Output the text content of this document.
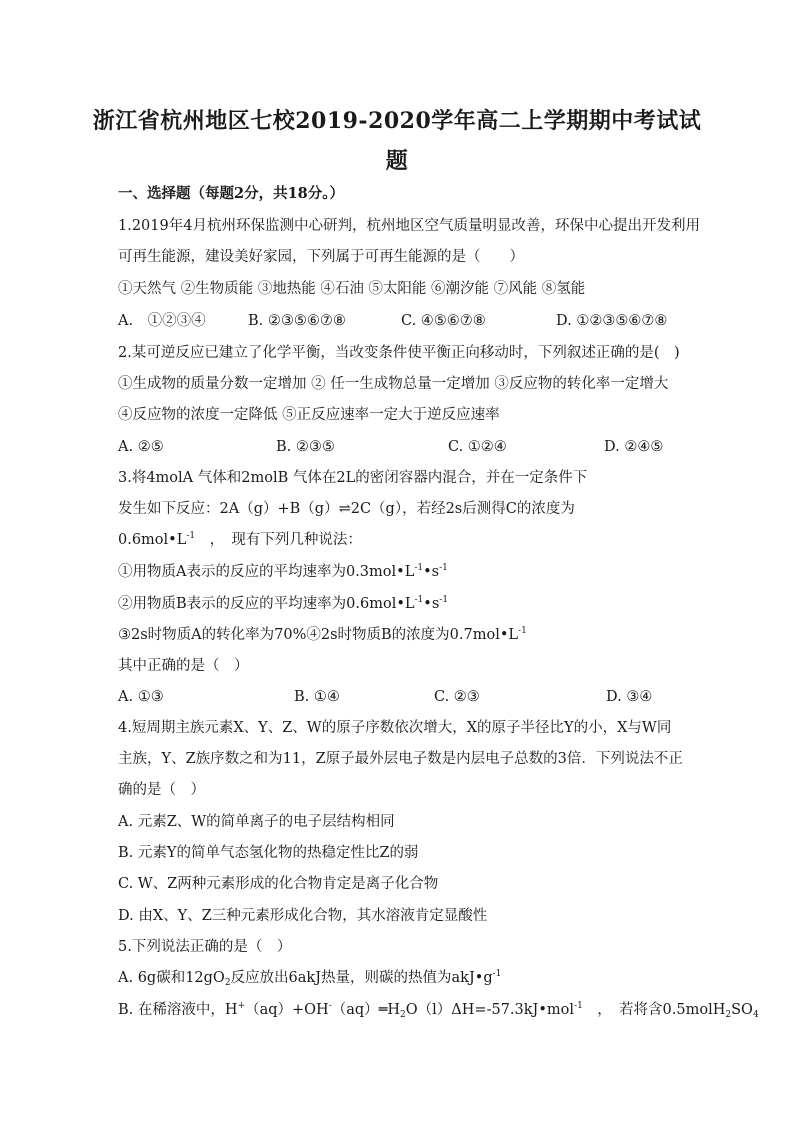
浙江省杭州地区七校2019-2020学年高二上学期期中考试试
题
一、选择题（每题2分，共18分。）
1.2019年4月杭州环保监测中心研判，杭州地区空气质量明显改善，环保中心提出开发利用
可再生能源，建设美好家园，下列属于可再生能源的是（　　）
①天然气 ②生物质能 ③地热能 ④石油 ⑤太阳能 ⑥潮汐能 ⑦风能 ⑧氢能
A.　①②③④	B. ②③⑤⑥⑦⑧	C. ④⑤⑥⑦⑧	D. ①②③⑤⑥⑦⑧
2.某可逆反应已建立了化学平衡，当改变条件使平衡正向移动时，下列叙述正确的是(　)
①生成物的质量分数一定增加 ② 任一生成物总量一定增加 ③反应物的转化率一定增大
④反应物的浓度一定降低 ⑤正反应速率一定大于逆反应速率
A. ②⑤	B. ②③⑤	C. ①②④	D. ②④⑤
3.将4molA 气体和2molB 气体在2L的密闭容器内混合，并在一定条件下
发生如下反应：2A（g）+B（g）⇌2C（g），若经2s后测得C的浓度为
$0.6mol•L^{-1}$　，　现有下列几种说法：
①用物质A表示的反应的平均速率为$0.3mol•L^{-1}•s^{-1}$
②用物质B表示的反应的平均速率为$0.6mol•L^{-1}•s^{-1}$
③2s时物质A的转化率为70%④2s时物质B的浓度为$0.7mol•L^{-1}$
其中正确的是（　）
A. ①③	B. ①④	C. ②③	D. ③④
4.短周期主族元素X、Y、Z、W的原子序数依次增大，X的原子半径比Y的小，X与W同
主族，Y、Z族序数之和为11，Z原子最外层电子数是内层电子总数的3倍．下列说法不正
确的是（　）
A. 元素Z、W的简单离子的电子层结构相同
B. 元素Y的简单气态氢化物的热稳定性比Z的弱
C. W、Z两种元素形成的化合物肯定是离子化合物
D. 由X、Y、Z三种元素形成化合物，其水溶液肯定显酸性
5.下列说法正确的是（　）
A. 6g碳和$12gO_2$反应放出6akJ热量，则碳的热值为$akJ•g^{-1}$
B. 在稀溶液中，$H^+(aq)+OH^-(aq)═H_2O(l)\Delta H=-57.3kJ•mol^{-1}$　，　若将含$0.5molH_2SO_4$
